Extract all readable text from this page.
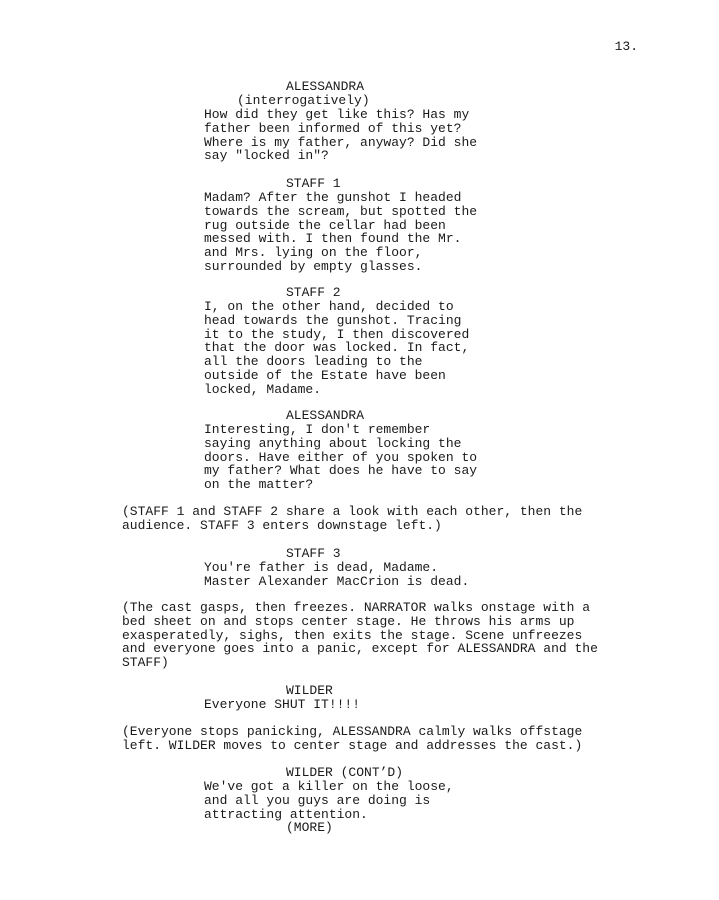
13.

ALESSANDRA

(interrogatively)

How did they get like this? Has my
father been informed of this yet?
Where is my father, anyway? Did she
say "locked in"?

STAFF 1

Madam? After the gunshot I headed
towards the scream, but spotted the
rug outside the cellar had been
messed with. I then found the Mr.
and Mrs. lying on the floor,
surrounded by empty glasses.

STAFF 2

I, on the other hand, decided to
head towards the gunshot. Tracing
it to the study, I then discovered
that the door was locked. In fact,
all the doors leading to the
outside of the Estate have been
locked, Madame.

ALESSANDRA

Interesting, I don't remember
saying anything about locking the
doors. Have either of you spoken to
my father? What does he have to say
on the matter?

(STAFF 1 and STAFF 2 share a look with each other, then the
audience. STAFF 3 enters downstage left.)

STAFF 3

You're father is dead, Madame.
Master Alexander MacCrion is dead.

(The cast gasps, then freezes. NARRATOR walks onstage with a
bed sheet on and stops center stage. He throws his arms up
exasperatedly, sighs, then exits the stage. Scene unfreezes
and everyone goes into a panic, except for ALESSANDRA and the
STAFF)

WILDER

Everyone SHUT IT!!!!

(Everyone stops panicking, ALESSANDRA calmly walks offstage
left. WILDER moves to center stage and addresses the cast.)

WILDER (CONT’D)

We've got a killer on the loose,
and all you guys are doing is
attracting attention.

(MORE)
